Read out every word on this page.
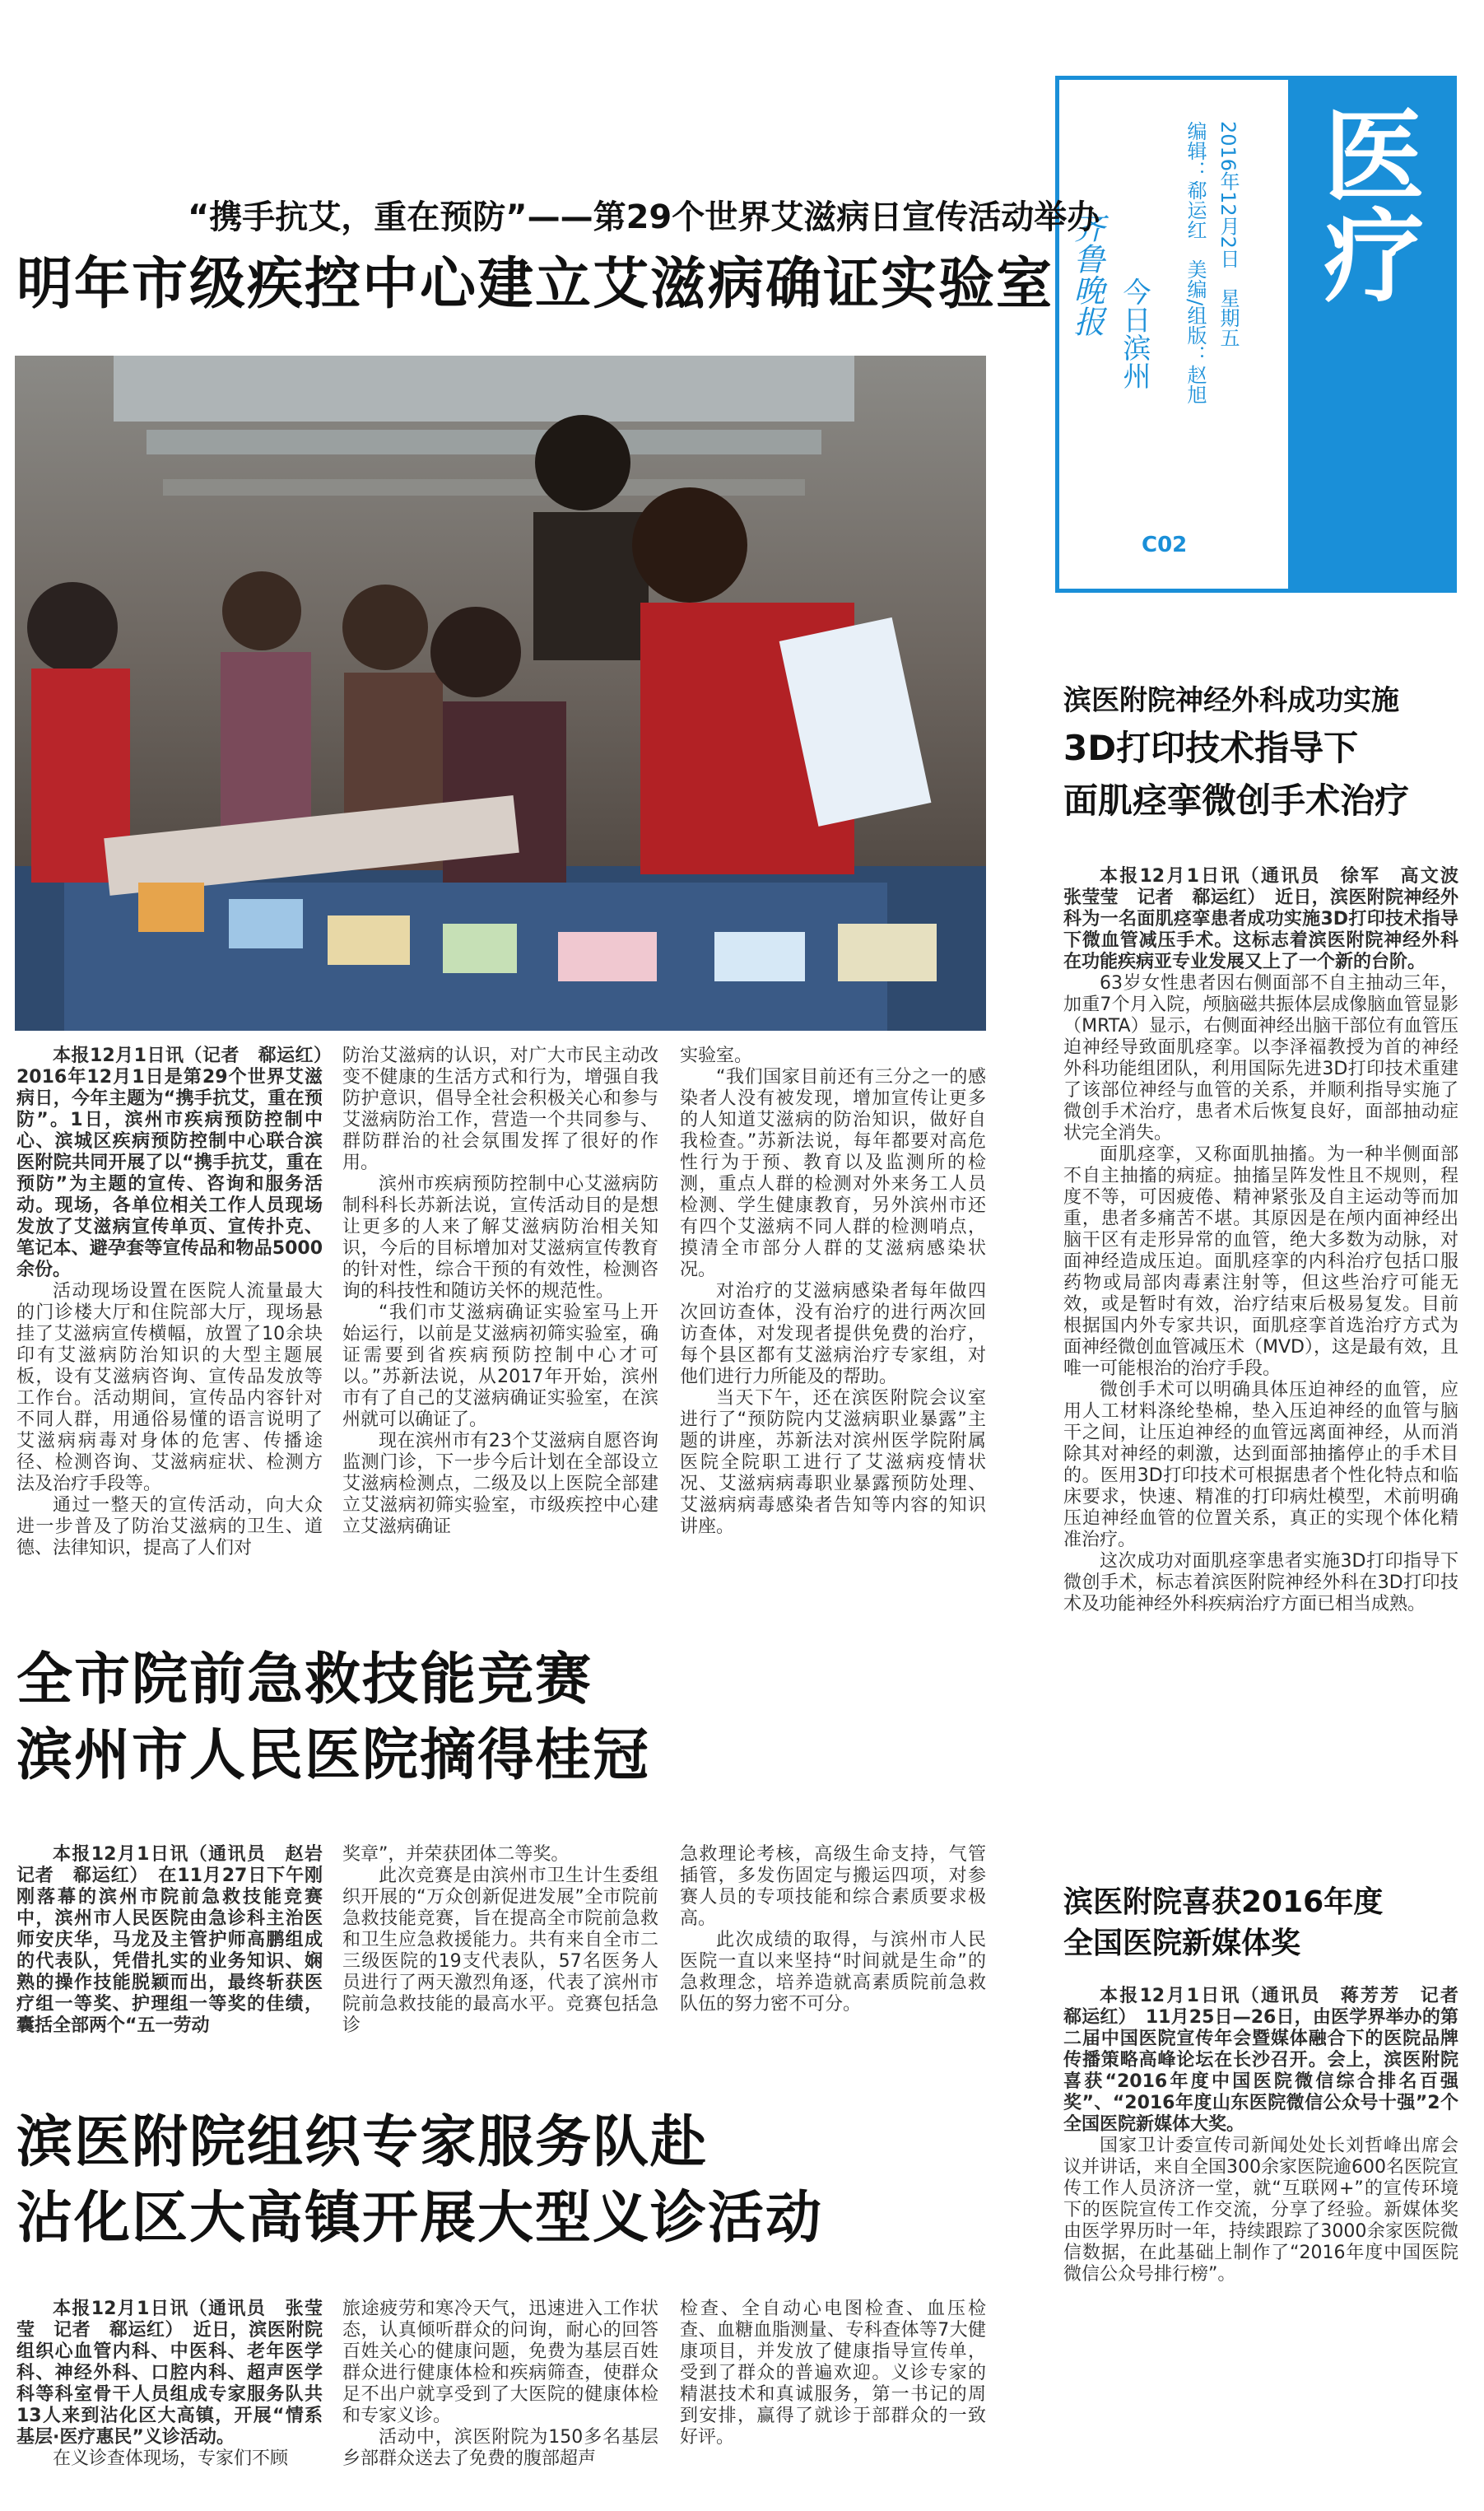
医疗
齐鲁晚报 今日滨州 编辑：郗运红　美编/组版：赵旭 2016年12月2日　星期五
C02
“携手抗艾，重在预防”——第29个世界艾滋病日宣传活动举办
明年市级疾控中心建立艾滋病确证实验室

本报12月1日讯（记者　郗运红）　2016年12月1日是第29个世界艾滋病日，今年主题为“携手抗艾，重在预防”。1日，滨州市疾病预防控制中心、滨城区疾病预防控制中心联合滨医附院共同开展了以“携手抗艾，重在预防”为主题的宣传、咨询和服务活动。现场，各单位相关工作人员现场发放了艾滋病宣传单页、宣传扑克、笔记本、避孕套等宣传品和物品5000余份。

活动现场设置在医院人流量最大的门诊楼大厅和住院部大厅，现场悬挂了艾滋病宣传横幅，放置了10余块印有艾滋病防治知识的大型主题展板，设有艾滋病咨询、宣传品发放等工作台。活动期间，宣传品内容针对不同人群，用通俗易懂的语言说明了艾滋病病毒对身体的危害、传播途径、检测咨询、艾滋病症状、检测方法及治疗手段等。

通过一整天的宣传活动，向大众进一步普及了防治艾滋病的卫生、道德、法律知识，提高了人们对

防治艾滋病的认识，对广大市民主动改变不健康的生活方式和行为，增强自我防护意识，倡导全社会积极关心和参与艾滋病防治工作，营造一个共同参与、群防群治的社会氛围发挥了很好的作用。

滨州市疾病预防控制中心艾滋病防制科科长苏新法说，宣传活动目的是想让更多的人来了解艾滋病防治相关知识，今后的目标增加对艾滋病宣传教育的针对性，综合干预的有效性，检测咨询的科技性和随访关怀的规范性。

“我们市艾滋病确证实验室马上开始运行，以前是艾滋病初筛实验室，确证需要到省疾病预防控制中心才可以。”苏新法说，从2017年开始，滨州市有了自己的艾滋病确证实验室，在滨州就可以确证了。

现在滨州市有23个艾滋病自愿咨询监测门诊，下一步今后计划在全部设立艾滋病检测点，二级及以上医院全部建立艾滋病初筛实验室，市级疾控中心建立艾滋病确证

实验室。

“我们国家目前还有三分之一的感染者人没有被发现，增加宣传让更多的人知道艾滋病的防治知识，做好自我检查。”苏新法说，每年都要对高危性行为于预、教育以及监测所的检测，重点人群的检测对外来务工人员检测、学生健康教育，另外滨州市还有四个艾滋病不同人群的检测哨点，摸清全市部分人群的艾滋病感染状况。

对治疗的艾滋病感染者每年做四次回访查体，没有治疗的进行两次回访查体，对发现者提供免费的治疗，每个县区都有艾滋病治疗专家组，对他们进行力所能及的帮助。

当天下午，还在滨医附院会议室进行了“预防院内艾滋病职业暴露”主题的讲座，苏新法对滨州医学院附属医院全院职工进行了艾滋病疫情状况、艾滋病病毒职业暴露预防处理、艾滋病病毒感染者告知等内容的知识讲座。

全市院前急救技能竞赛
滨州市人民医院摘得桂冠

本报12月1日讯（通讯员　赵岩　记者　郗运红）　在11月27日下午刚刚落幕的滨州市院前急救技能竞赛中，滨州市人民医院由急诊科主治医师安庆华，马龙及主管护师高鹏组成的代表队，凭借扎实的业务知识、娴熟的操作技能脱颖而出，最终斩获医疗组一等奖、护理组一等奖的佳绩，囊括全部两个“五一劳动

奖章”，并荣获团体二等奖。

此次竞赛是由滨州市卫生计生委组织开展的“万众创新促进发展”全市院前急救技能竞赛，旨在提高全市院前急救和卫生应急救援能力。共有来自全市二三级医院的19支代表队，57名医务人员进行了两天激烈角逐，代表了滨州市院前急救技能的最高水平。竞赛包括急诊

急救理论考核，高级生命支持，气管插管，多发伤固定与搬运四项，对参赛人员的专项技能和综合素质要求极高。

此次成绩的取得，与滨州市人民医院一直以来坚持“时间就是生命”的急救理念，培养造就高素质院前急救队伍的努力密不可分。

滨医附院组织专家服务队赴
沾化区大高镇开展大型义诊活动

本报12月1日讯（通讯员　张莹莹　记者　郗运红）　近日，滨医附院组织心血管内科、中医科、老年医学科、神经外科、口腔内科、超声医学科等科室骨干人员组成专家服务队共13人来到沾化区大高镇，开展“情系基层·医疗惠民”义诊活动。

在义诊查体现场，专家们不顾

旅途疲劳和寒冷天气，迅速进入工作状态，认真倾听群众的问询，耐心的回答百姓关心的健康问题，免费为基层百姓群众进行健康体检和疾病筛查，使群众足不出户就享受到了大医院的健康体检和专家义诊。

活动中，滨医附院为150多名基层乡部群众送去了免费的腹部超声

检查、全自动心电图检查、血压检查、血糖血脂测量、专科查体等7大健康项目，并发放了健康指导宣传单，受到了群众的普遍欢迎。义诊专家的精湛技术和真诚服务，第一书记的周到安排，赢得了就诊于部群众的一致好评。

滨医附院神经外科成功实施
3D打印技术指导下
面肌痉挛微创手术治疗

本报12月1日讯（通讯员　徐军　高文波　张莹莹　记者　郗运红）　近日，滨医附院神经外科为一名面肌痉挛患者成功实施3D打印技术指导下微血管减压手术。这标志着滨医附院神经外科在功能疾病亚专业发展又上了一个新的台阶。

63岁女性患者因右侧面部不自主抽动三年，加重7个月入院，颅脑磁共振体层成像脑血管显影（MRTA）显示，右侧面神经出脑干部位有血管压迫神经导致面肌痉挛。以李泽福教授为首的神经外科功能组团队，利用国际先进3D打印技术重建了该部位神经与血管的关系，并顺利指导实施了微创手术治疗，患者术后恢复良好，面部抽动症状完全消失。

面肌痉挛，又称面肌抽搐。为一种半侧面部不自主抽搐的病症。抽搐呈阵发性且不规则，程度不等，可因疲倦、精神紧张及自主运动等而加重，患者多痛苦不堪。其原因是在颅内面神经出脑干区有走形异常的血管，绝大多数为动脉，对面神经造成压迫。面肌痉挛的内科治疗包括口服药物或局部肉毒素注射等，但这些治疗可能无效，或是暂时有效，治疗结束后极易复发。目前根据国内外专家共识，面肌痉挛首选治疗方式为面神经微创血管减压术（MVD），这是最有效，且唯一可能根治的治疗手段。

微创手术可以明确具体压迫神经的血管，应用人工材料涤纶垫棉，垫入压迫神经的血管与脑干之间，让压迫神经的血管远离面神经，从而消除其对神经的刺激，达到面部抽搐停止的手术目的。医用3D打印技术可根据患者个性化特点和临床要求，快速、精准的打印病灶模型，术前明确压迫神经血管的位置关系，真正的实现个体化精准治疗。

这次成功对面肌痉挛患者实施3D打印指导下微创手术，标志着滨医附院神经外科在3D打印技术及功能神经外科疾病治疗方面已相当成熟。

滨医附院喜获2016年度
全国医院新媒体奖

本报12月1日讯（通讯员　蒋芳芳　记者　郗运红）　11月25日—26日，由医学界举办的第二届中国医院宣传年会暨媒体融合下的医院品牌传播策略高峰论坛在长沙召开。会上，滨医附院喜获“2016年度中国医院微信综合排名百强奖”、“2016年度山东医院微信公众号十强”2个全国医院新媒体大奖。

国家卫计委宣传司新闻处处长刘哲峰出席会议并讲话，来自全国300余家医院逾600名医院宣传工作人员济济一堂，就“互联网+”的宣传环境下的医院宣传工作交流，分享了经验。新媒体奖由医学界历时一年，持续跟踪了3000余家医院微信数据，在此基础上制作了“2016年度中国医院微信公众号排行榜”。
